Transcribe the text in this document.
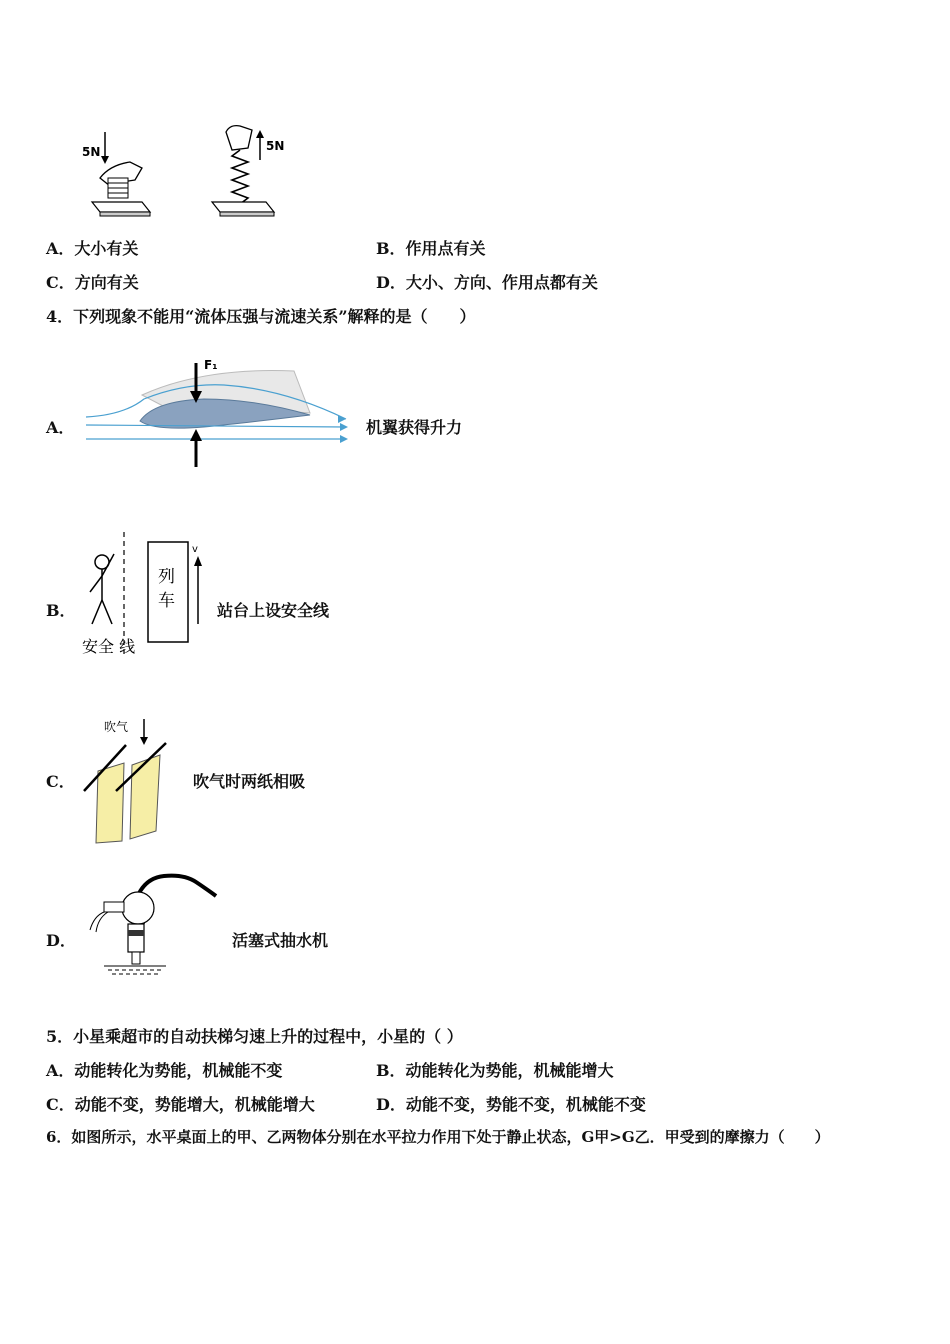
5N	5N
A．大小有关	B．作用点有关
C．方向有关	D．大小、方向、作用点都有关
4．下列现象不能用“流体压强与流速关系”解释的是（　　）
A．
F₁
机翼获得升力
B．
列
车
v
安全 线
站台上设安全线
C．
吹气
吹气时两纸相吸
D．	活塞式抽水机
5．小星乘超市的自动扶梯匀速上升的过程中，小星的（ ）
A．动能转化为势能，机械能不变	B．动能转化为势能，机械能增大
C．动能不变，势能增大，机械能增大	D．动能不变，势能不变，机械能不变
6．如图所示，水平桌面上的甲、乙两物体分别在水平拉力作用下处于静止状态，G甲>G乙．甲受到的摩擦力（　　）
